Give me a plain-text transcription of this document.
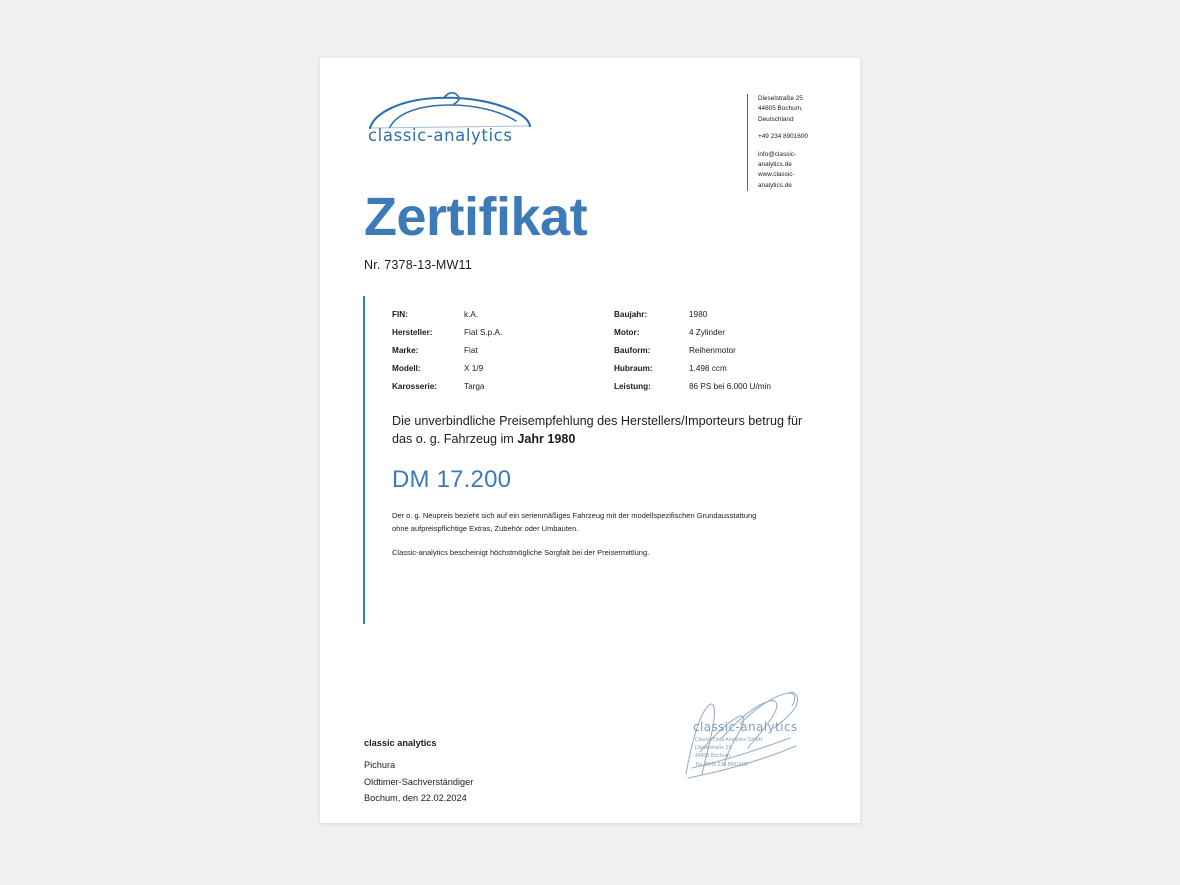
classic-analytics
Dieselstraße 25
44805 Bochum, Deutschland
+49 234 8901600
info@classic-analytics.de
www.classic-analytics.de
Zertifikat
Nr. 7378-13-MW11
FIN:	k.A.	Baujahr:	1980
Hersteller:	Fiat S.p.A.	Motor:	4 Zylinder
Marke:	Fiat	Bauform:	Reihenmotor
Modell:	X 1/9	Hubraum:	1.498 ccm
Karosserie:	Targa	Leistung:	86 PS bei 6.000 U/min
Die unverbindliche Preisempfehlung des Herstellers/Importeurs betrug für das o. g. Fahrzeug im Jahr 1980
DM 17.200
Der o. g. Neupreis bezieht sich auf ein serienmäßiges Fahrzeug mit der modellspezifischen Grundausstattung ohne aufpreispflichtige Extras, Zubehör oder Umbauten.
Classic-analytics bescheinigt höchstmögliche Sorgfalt bei der Preisermittlung.
classic-analytics
Classic Data Analytics GmbH
Dieselstraße 25
44805 Bochum
Tel. 0049 234 8901600
classic analytics
Pichura
Oldtimer-Sachverständiger
Bochum, den 22.02.2024
